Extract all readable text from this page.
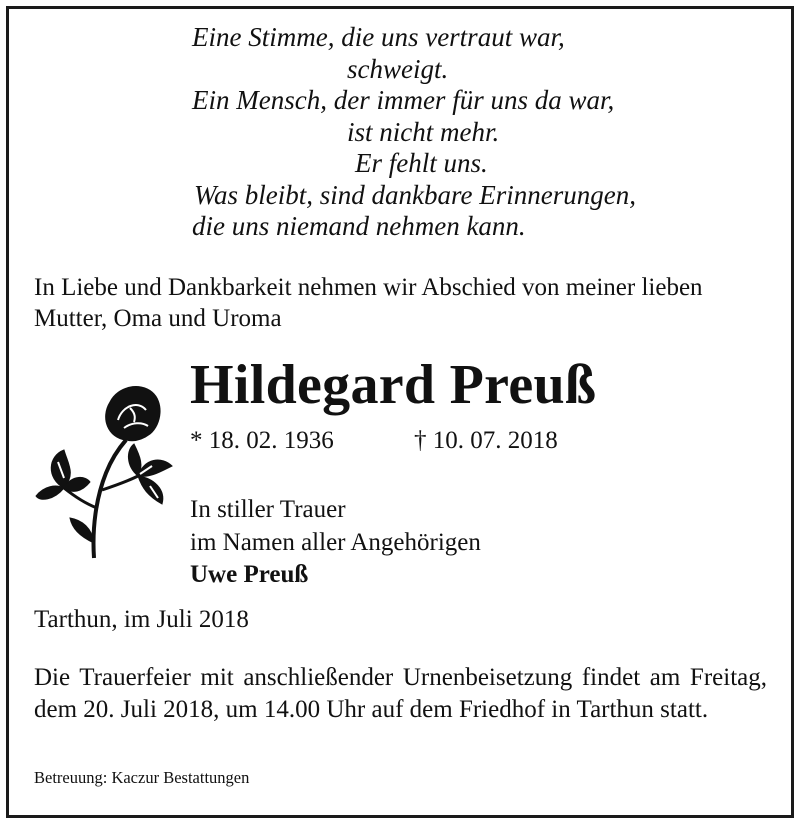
Eine Stimme, die uns vertraut war,
schweigt.
Ein Mensch, der immer für uns da war,
ist nicht mehr.
Er fehlt uns.
Was bleibt, sind dankbare Erinnerungen,
die uns niemand nehmen kann.
In Liebe und Dankbarkeit nehmen wir Abschied von meiner lieben Mutter, Oma und Uroma
Hildegard Preuß
* 18. 02. 1936	† 10. 07. 2018
In stiller Trauer
im Namen aller Angehörigen
Uwe Preuß
Tarthun, im Juli 2018
Die Trauerfeier mit anschließender Urnenbeisetzung findet am Freitag, dem 20. Juli 2018, um 14.00 Uhr auf dem Friedhof in Tarthun statt.
Betreuung: Kaczur Bestattungen
